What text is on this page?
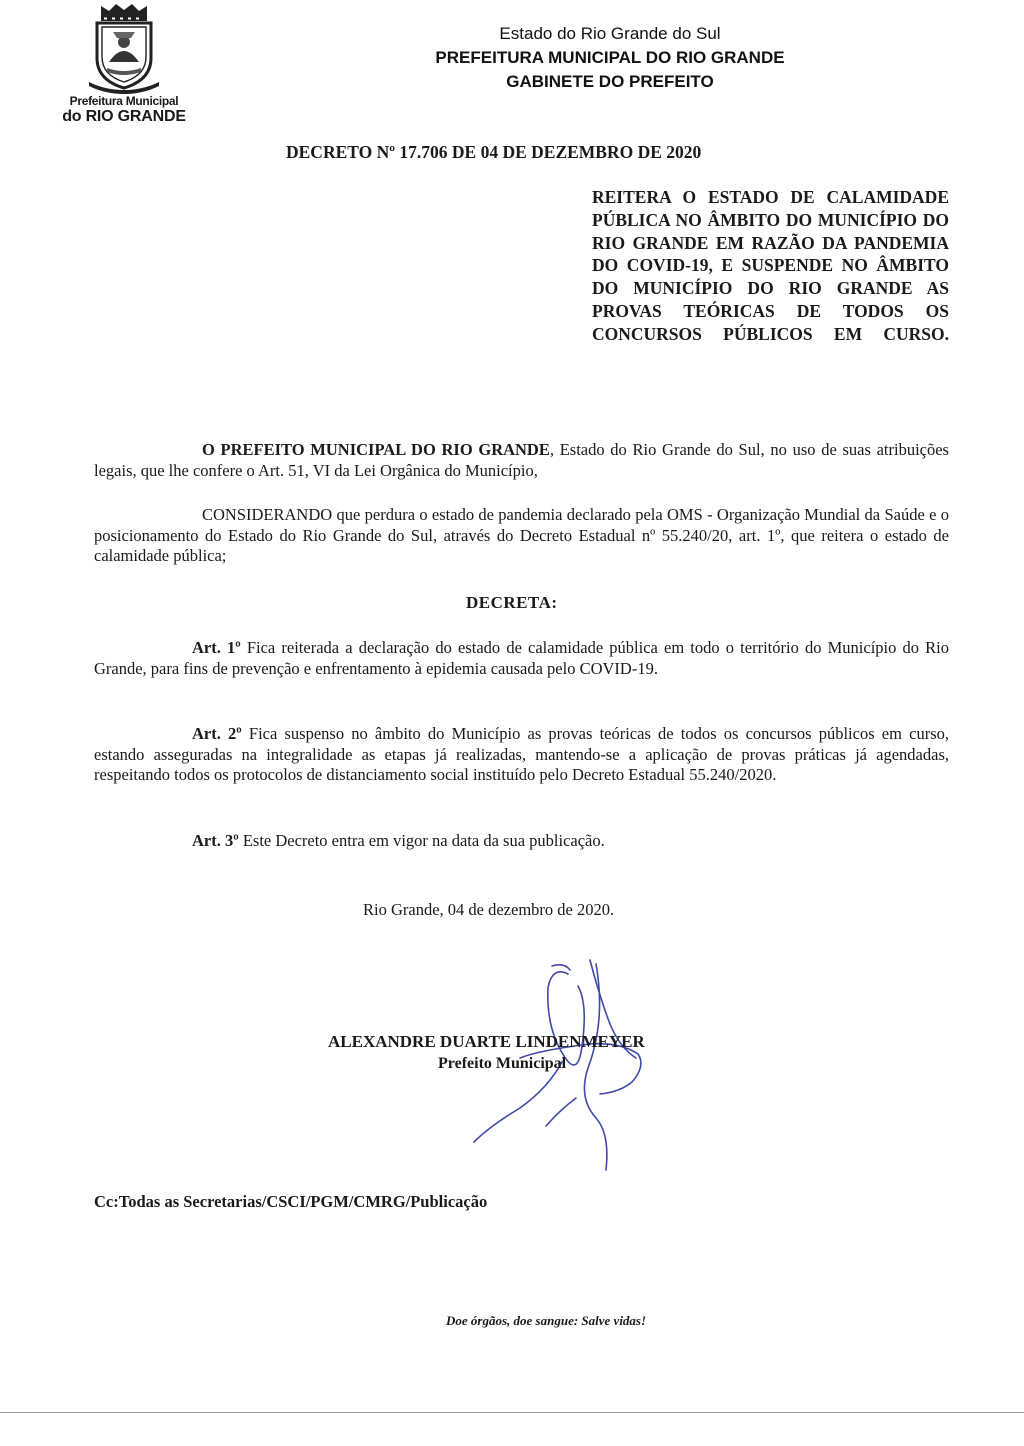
Prefeitura Municipal
do RIO GRANDE
Estado do Rio Grande do Sul
PREFEITURA MUNICIPAL DO RIO GRANDE
GABINETE DO PREFEITO
DECRETO Nº 17.706 DE 04 DE DEZEMBRO DE 2020
REITERA O ESTADO DE CALAMIDADE PÚBLICA NO ÂMBITO DO MUNICÍPIO DO RIO GRANDE EM RAZÃO DA PANDEMIA DO COVID-19, E SUSPENDE NO ÂMBITO DO MUNICÍPIO DO RIO GRANDE AS PROVAS TEÓRICAS DE TODOS OS CONCURSOS PÚBLICOS EM CURSO.
O PREFEITO MUNICIPAL DO RIO GRANDE, Estado do Rio Grande do Sul, no uso de suas atribuições legais, que lhe confere o Art. 51, VI da Lei Orgânica do Município,
CONSIDERANDO que perdura o estado de pandemia declarado pela OMS - Organização Mundial da Saúde e o posicionamento do Estado do Rio Grande do Sul, através do Decreto Estadual nº 55.240/20, art. 1º, que reitera o estado de calamidade pública;
DECRETA:
Art. 1º Fica reiterada a declaração do estado de calamidade pública em todo o território do Município do Rio Grande, para fins de prevenção e enfrentamento à epidemia causada pelo COVID-19.
Art. 2º Fica suspenso no âmbito do Município as provas teóricas de todos os concursos públicos em curso, estando asseguradas na integralidade as etapas já realizadas, mantendo-se a aplicação de provas práticas já agendadas, respeitando todos os protocolos de distanciamento social instituído pelo Decreto Estadual 55.240/2020.
Art. 3º Este Decreto entra em vigor na data da sua publicação.
Rio Grande, 04 de dezembro de 2020.
ALEXANDRE DUARTE LINDENMEYER
Prefeito Municipal
Cc:Todas as Secretarias/CSCI/PGM/CMRG/Publicação
Doe órgãos, doe sangue: Salve vidas!
